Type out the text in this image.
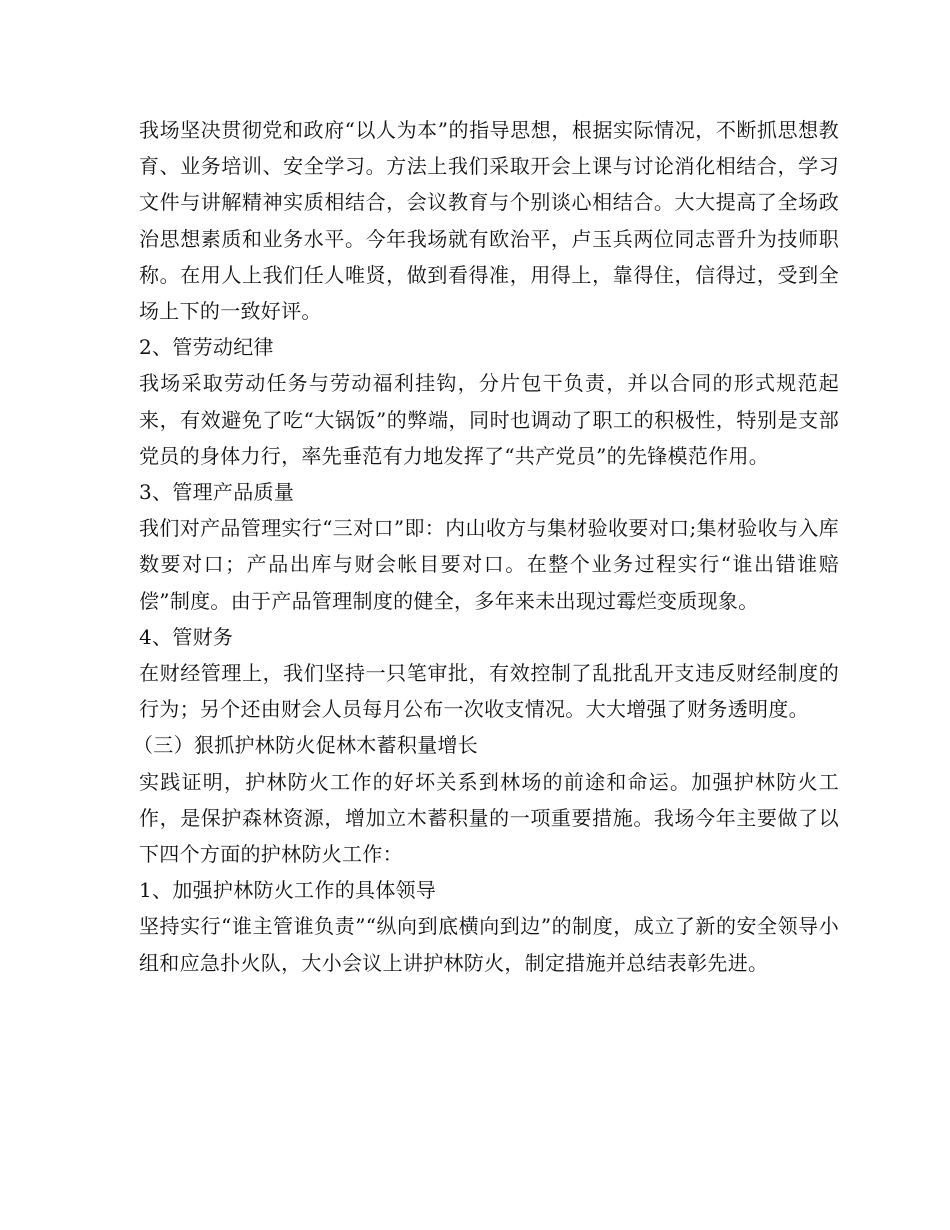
我场坚决贯彻党和政府“以人为本”的指导思想，根据实际情况，不断抓思想教育、业务培训、安全学习。方法上我们采取开会上课与讨论消化相结合，学习文件与讲解精神实质相结合，会议教育与个别谈心相结合。大大提高了全场政治思想素质和业务水平。今年我场就有欧治平，卢玉兵两位同志晋升为技师职称。在用人上我们任人唯贤，做到看得准，用得上，靠得住，信得过，受到全场上下的一致好评。

2、管劳动纪律

我场采取劳动任务与劳动福利挂钩，分片包干负责，并以合同的形式规范起来，有效避免了吃“大锅饭”的弊端，同时也调动了职工的积极性，特别是支部党员的身体力行，率先垂范有力地发挥了“共产党员”的先锋模范作用。

3、管理产品质量

我们对产品管理实行“三对口”即：内山收方与集材验收要对口;集材验收与入库数要对口；产品出库与财会帐目要对口。在整个业务过程实行“谁出错谁赔偿”制度。由于产品管理制度的健全，多年来未出现过霉烂变质现象。

4、管财务

在财经管理上，我们坚持一只笔审批，有效控制了乱批乱开支违反财经制度的行为；另个还由财会人员每月公布一次收支情况。大大增强了财务透明度。

（三）狠抓护林防火促林木蓄积量增长

实践证明，护林防火工作的好坏关系到林场的前途和命运。加强护林防火工作，是保护森林资源，增加立木蓄积量的一项重要措施。我场今年主要做了以下四个方面的护林防火工作：

1、加强护林防火工作的具体领导

坚持实行“谁主管谁负责”“纵向到底横向到边”的制度，成立了新的安全领导小组和应急扑火队，大小会议上讲护林防火，制定措施并总结表彰先进。
